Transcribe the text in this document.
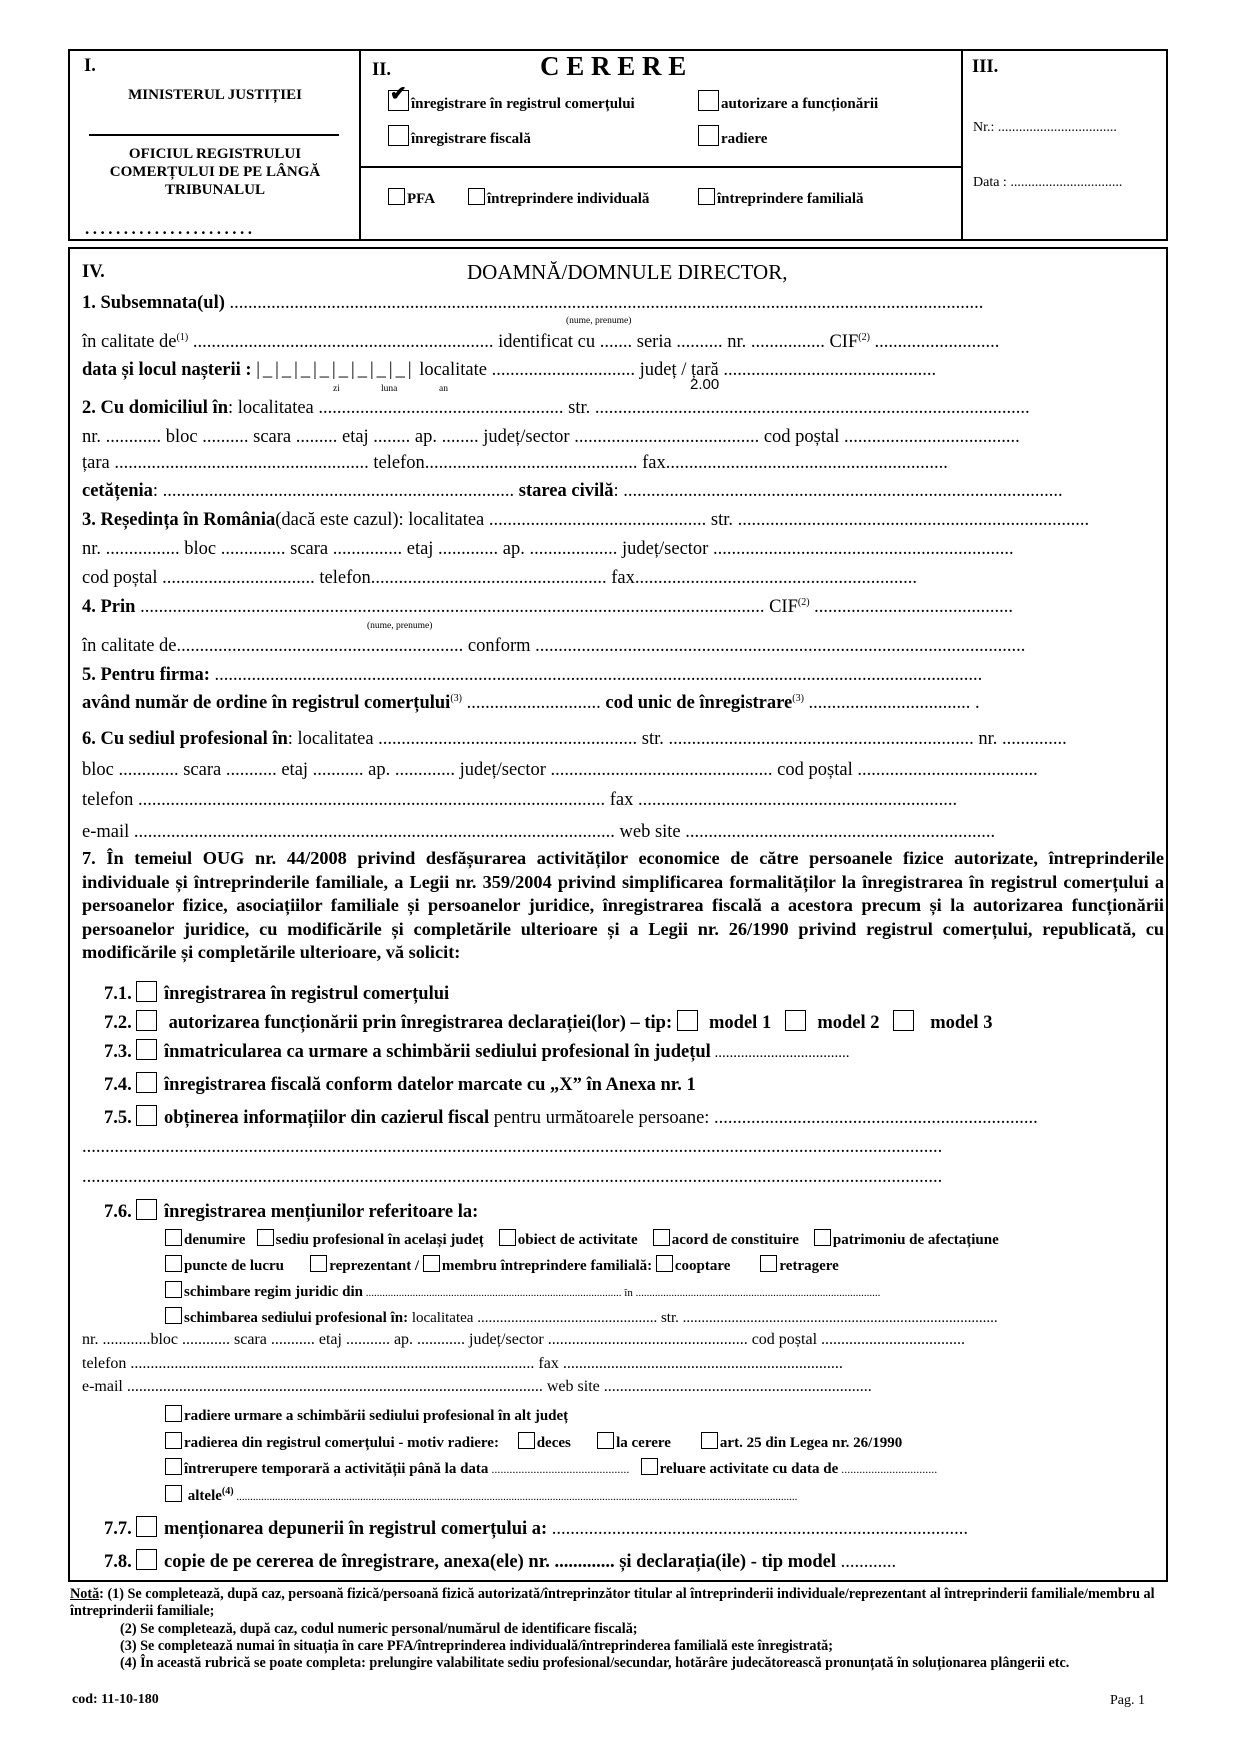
I.
MINISTERUL JUSTIȚIEI
OFICIUL REGISTRULUI COMERȚULUI DE PE LÂNGĂ TRIBUNALUL
......................
II.	C E R E R E
✔ înregistrare în registrul comerțului	autorizare a funcționării
înregistrare fiscală	radiere
PFA	întreprindere individuală	întreprindere familială
III.
Nr.: ..................................
Data : ................................
IV.	DOAMNĂ/DOMNULE DIRECTOR,
1. Subsemnata(ul) ...................................................................................................................................................................
(nume, prenume)
în calitate $de^{(1)}$ ................................................................. identificat cu ....... seria .......... nr. ................ CIF$^{(2)}$ ...........................
data și locul nașterii : |_|_|_|_|_|_|_|_| localitate ............................... județ / țară ..............................................
zi	luna	an	2.00
2. Cu domiciliul în: localitatea ..................................................... str. ..............................................................................................
nr. ............ bloc .......... scara ......... etaj ........ ap. ........ județ/sector ........................................ cod poștal ......................................
țara ....................................................... telefon.............................................. fax.............................................................
cetățenia: ............................................................................ starea civilă: ...............................................................................................
3. Reședința în România(dacă este cazul): localitatea ............................................... str. ............................................................................
nr. ................ bloc .............. scara ............... etaj ............. ap. ................... județ/sector .................................................................
cod poștal ................................. telefon................................................... fax.............................................................
4. Prin ....................................................................................................................................... CIF$^{(2)}$ ...........................................
(nume, prenume)
în calitate de.............................................................. conform ..........................................................................................................
5. Pentru firma: ......................................................................................................................................................................
având număr de ordine în registrul comerțului$^{(3)}$ ............................. cod unic de înregistrare$^{(3)}$ ................................... .
6. Cu sediul profesional în: localitatea ........................................................ str. .................................................................. nr. ..............
bloc ............. scara ........... etaj ........... ap. ............. județ/sector ................................................ cod poștal .......................................
telefon ..................................................................................................... fax .....................................................................
e-mail ........................................................................................................ web site ...................................................................
7. În temeiul OUG nr. 44/2008 privind desfășurarea activităților economice de către persoanele fizice autorizate, întreprinderile individuale și întreprinderile familiale, a Legii nr. 359/2004 privind simplificarea formalităților la înregistrarea în registrul comerțului a persoanelor fizice, asociațiilor familiale și persoanelor juridice, înregistrarea fiscală a acestora precum și la autorizarea funcționării persoanelor juridice, cu modificările și completările ulterioare și a Legii nr. 26/1990 privind registrul comerțului, republicată, cu modificările și completările ulterioare, vă solicit:
7.1. înregistrarea în registrul comerțului
7.2. autorizarea funcționării prin înregistrarea declarației(lor) – tip: model 1 model 2	model 3
7.3. înmatricularea ca urmare a schimbării sediului profesional în județul ....................................
7.4. înregistrarea fiscală conform datelor marcate cu „X” în Anexa nr. 1
7.5. obținerea informațiilor din cazierul fiscal pentru următoarele persoane: ......................................................................
..........................................................................................................................................................................................
..........................................................................................................................................................................................
7.6. înregistrarea mențiunilor referitoare la:
denumire sediu profesional în același județ obiect de activitate acord de constituire patrimoniu de afectațiune
puncte de lucru	reprezentant / membru întreprindere familială: cooptare	retragere
schimbare regim juridic din ............................................................................................. în .........................................................................................
schimbarea sediului profesional în: localitatea ................................................ str. ....................................................................................
nr. ............bloc ............ scara ........... etaj ........... ap. ............ județ/sector .................................................. cod poștal ....................................
telefon ..................................................................................................... fax ......................................................................
e-mail ........................................................................................................ web site ...................................................................
radiere urmare a schimbării sediului profesional în alt județ
radierea din registrul comerțului - motiv radiere:	deces	la cerere	art. 25 din Legea nr. 26/1990
întrerupere temporară a activității până la data .............................................. reluare activitate cu data de ................................
altele$^{(4)}$ ............................................................................................................................................................................................................
7.7. menționarea depunerii în registrul comerțului a: ..........................................................................................
7.8. copie de pe cererea de înregistrare, anexa(ele) nr. ............. și declarația(ile) - tip model ............
Notă: (1) Se completează, după caz, persoană fizică/persoană fizică autorizată/întreprinzător titular al întreprinderii individuale/reprezentant al întreprinderii familiale/membru al întreprinderii familiale;
(2) Se completează, după caz, codul numeric personal/numărul de identificare fiscală;
(3) Se completează numai în situația în care PFA/întreprinderea individuală/întreprinderea familială este înregistrată;
(4) În această rubrică se poate completa: prelungire valabilitate sediu profesional/secundar, hotărâre judecătorească pronunțată în soluționarea plângerii etc.
cod: 11-10-180	Pag. 1
